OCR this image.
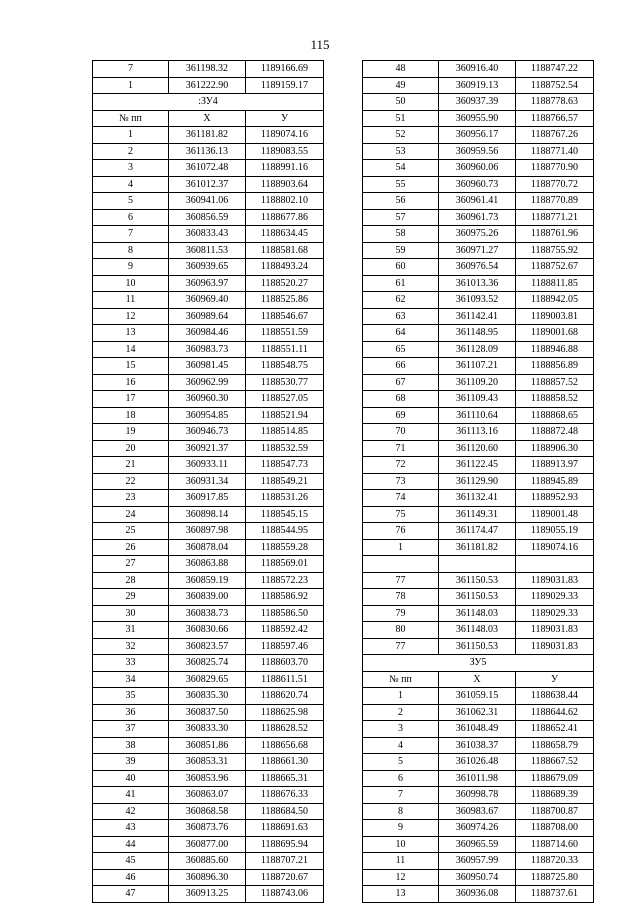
115
7	361198.32	1189166.69
1	361222.90	1189159.17
:ЗУ4		
№ пп	X	У
1	361181.82	1189074.16
2	361136.13	1189083.55
3	361072.48	1188991.16
4	361012.37	1188903.64
5	360941.06	1188802.10
6	360856.59	1188677.86
7	360833.43	1188634.45
8	360811.53	1188581.68
9	360939.65	1188493.24
10	360963.97	1188520.27
11	360969.40	1188525.86
12	360989.64	1188546.67
13	360984.46	1188551.59
14	360983.73	1188551.11
15	360981.45	1188548.75
16	360962.99	1188530.77
17	360960.30	1188527.05
18	360954.85	1188521.94
19	360946.73	1188514.85
20	360921.37	1188532.59
21	360933.11	1188547.73
22	360931.34	1188549.21
23	360917.85	1188531.26
24	360898.14	1188545.15
25	360897.98	1188544.95
26	360878.04	1188559.28
27	360863.88	1188569.01
28	360859.19	1188572.23
29	360839.00	1188586.92
30	360838.73	1188586.50
31	360830.66	1188592.42
32	360823.57	1188597.46
33	360825.74	1188603.70
34	360829.65	1188611.51
35	360835.30	1188620.74
36	360837.50	1188625.98
37	360833.30	1188628.52
38	360851.86	1188656.68
39	360853.31	1188661.30
40	360853.96	1188665.31
41	360863.07	1188676.33
42	360868.58	1188684.50
43	360873.76	1188691.63
44	360877.00	1188695.94
45	360885.60	1188707.21
46	360896.30	1188720.67
47	360913.25	1188743.06
48	360916.40	1188747.22
49	360919.13	1188752.54
50	360937.39	1188778.63
51	360955.90	1188766.57
52	360956.17	1188767.26
53	360959.56	1188771.40
54	360960.06	1188770.90
55	360960.73	1188770.72
56	360961.41	1188770.89
57	360961.73	1188771.21
58	360975.26	1188761.96
59	360971.27	1188755.92
60	360976.54	1188752.67
61	361013.36	1188811.85
62	361093.52	1188942.05
63	361142.41	1189003.81
64	361148.95	1189001.68
65	361128.09	1188946.88
66	361107.21	1188856.89
67	361109.20	1188857.52
68	361109.43	1188858.52
69	361110.64	1188868.65
70	361113.16	1188872.48
71	361120.60	1188906.30
72	361122.45	1188913.97
73	361129.90	1188945.89
74	361132.41	1188952.93
75	361149.31	1189001.48
76	361174.47	1189055.19
1	361181.82	1189074.16

77	361150.53	1189031.83
78	361150.53	1189029.33
79	361148.03	1189029.33
80	361148.03	1189031.83
77	361150.53	1189031.83
ЗУ5		
№ пп	X	У
1	361059.15	1188638.44
2	361062.31	1188644.62
3	361048.49	1188652.41
4	361038.37	1188658.79
5	361026.48	1188667.52
6	361011.98	1188679.09
7	360998.78	1188689.39
8	360983.67	1188700.87
9	360974.26	1188708.00
10	360965.59	1188714.60
11	360957.99	1188720.33
12	360950.74	1188725.80
13	360936.08	1188737.61
